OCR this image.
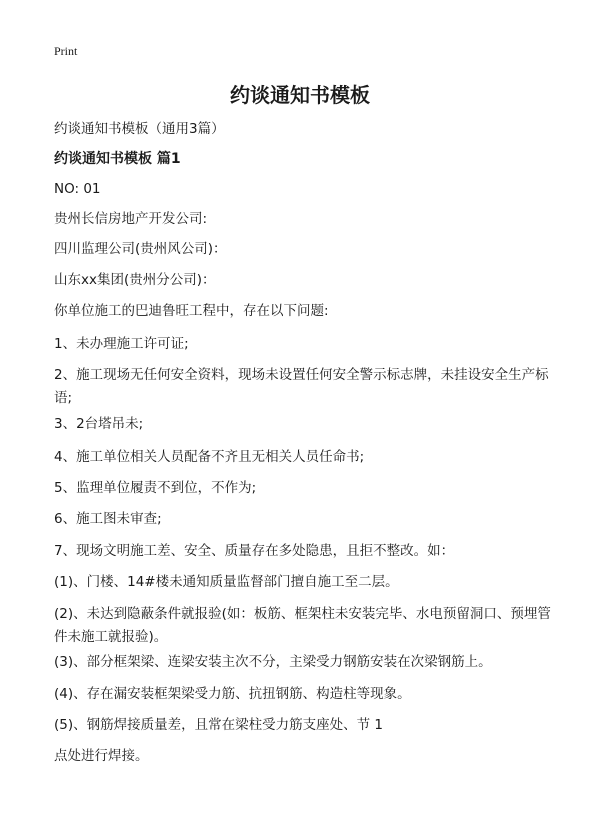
Print
约谈通知书模板
约谈通知书模板（通用3篇）
约谈通知书模板 篇1
NO: 01
贵州长信房地产开发公司:
四川监理公司(贵州风公司)：
山东xx集团(贵州分公司)：
你单位施工的巴迪鲁旺工程中，存在以下问题:
1、未办理施工许可证;
2、施工现场无任何安全资料，现场未设置任何安全警示标志牌，未挂设安全生产标语;
3、2台塔吊未;
4、施工单位相关人员配备不齐且无相关人员任命书;
5、监理单位履责不到位，不作为;
6、施工图未审查;
7、现场文明施工差、安全、质量存在多处隐患，且拒不整改。如：
(1)、门楼、14#楼未通知质量监督部门擅自施工至二层。
(2)、未达到隐蔽条件就报验(如：板筋、框架柱未安装完毕、水电预留洞口、预埋管件未施工就报验)。
(3)、部分框架梁、连梁安装主次不分，主梁受力钢筋安装在次梁钢筋上。
(4)、存在漏安装框架梁受力筋、抗扭钢筋、构造柱等现象。
(5)、钢筋焊接质量差，且常在梁柱受力筋支座处、节 1
点处进行焊接。
